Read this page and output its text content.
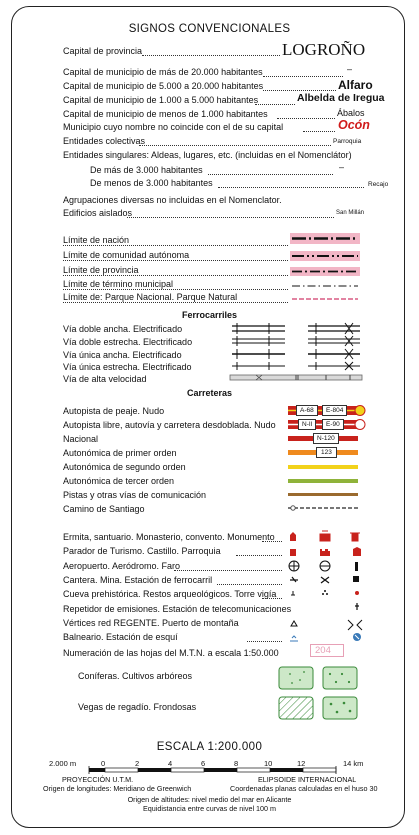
SIGNOS CONVENCIONALES
Capital de provincia	LOGROÑO
Capital de municipio de más de 20.000 habitantes	–
Capital de municipio de 5.000 a 20.000 habitantes	Alfaro
Capital de municipio de 1.000 a 5.000 habitantes	Albelda de Iregua
Capital de municipio de menos de 1.000 habitantes	Ábalos
Municipio cuyo nombre no coincide con el de su capital	Ocón
Entidades colectivas	Parroquia
Entidades singulares: Aldeas, lugares, etc. (incluidas en el Nomenclátor)
De más de 3.000 habitantes	–
De menos de 3.000 habitantes	Recajo
Agrupaciones diversas no incluidas en el Nomenclator.
Edificios aislados	San Millán
Límite de nación
Límite de comunidad autónoma
Límite de provincia
Límite de término municipal
Límite de: Parque Nacional. Parque Natural
Ferrocarriles
Vía doble ancha. Electrificado
Vía doble estrecha. Electrificado
Vía única ancha. Electrificado
Vía única estrecha. Electrificado
Vía de alta velocidad
Carreteras
Autopista de peaje. Nudo
Autopista libre, autovía y carretera desdoblada. Nudo
Nacional
Autonómica de primer orden
Autonómica de segundo orden
Autonómica de tercer orden
Pistas y otras vías de comunicación
Camino de Santiago
A-68	E-804
N-II	E-90
N-120
123
Ermita, santuario. Monasterio, convento. Monumento
Parador de Turismo. Castillo. Parroquia
Aeropuerto. Aeródromo. Faro
Cantera. Mina. Estación de ferrocarril
Cueva prehistórica. Restos arqueológicos. Torre vigía
Repetidor de emisiones. Estación de telecomunicaciones
Vértices red REGENTE. Puerto de montaña
Balneario. Estación de esquí
Numeración de las hojas del M.T.N. a escala 1:50.000	204
Coníferas. Cultivos arbóreos
Vegas de regadío. Frondosas
ESCALA 1:200.000
2.000 m	14 km
0	2	4	6	8	10	12
PROYECCIÓN U.T.M.	ELIPSOIDE INTERNACIONAL
Origen de longitudes: Meridiano de Greenwich	Coordenadas planas calculadas en el huso 30
Origen de altitudes: nivel medio del mar en Alicante
Equidistancia entre curvas de nivel 100 m
